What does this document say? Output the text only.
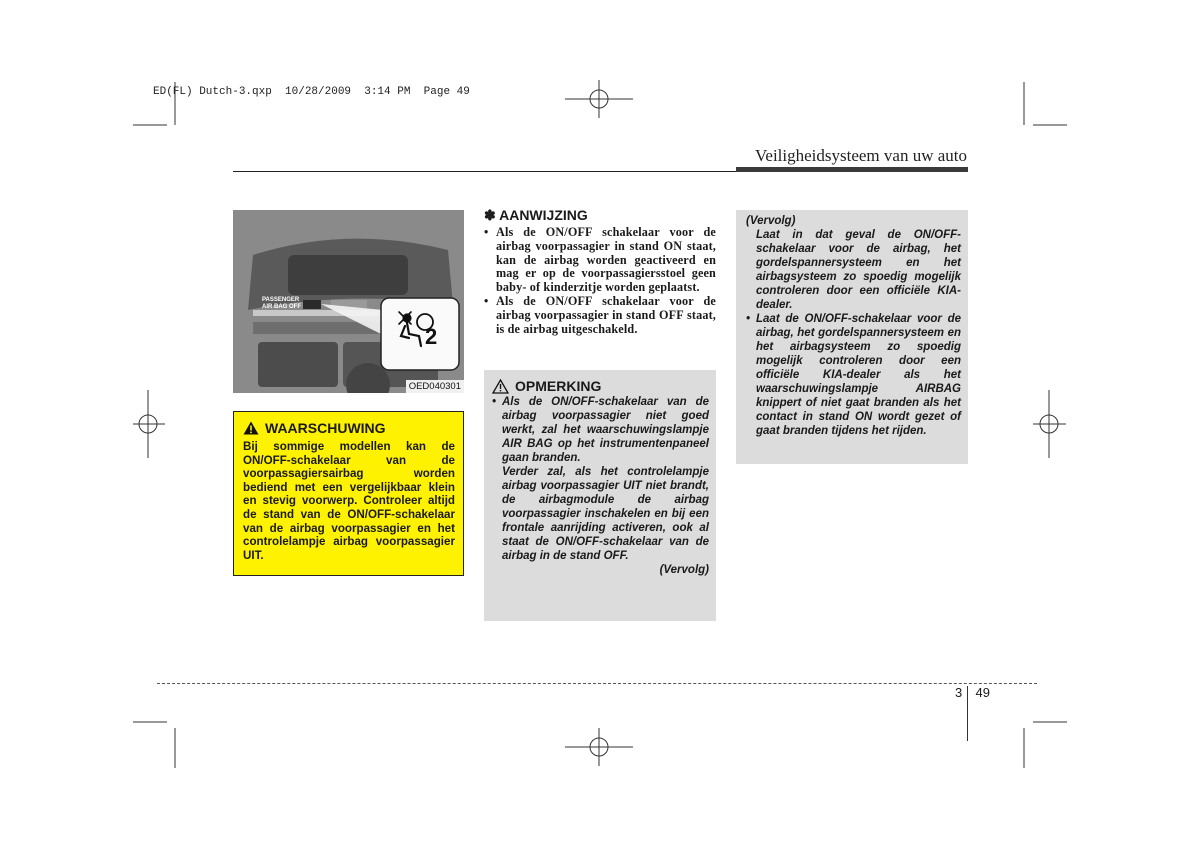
ED(FL) Dutch-3.qxp  10/28/2009  3:14 PM  Page 49
Veiligheidsysteem van uw auto
PASSENGER
AIR BAG OFF
2
OED040301
WAARSCHUWING
Bij sommige modellen kan de ON/OFF-schakelaar van de voorpassagiersairbag worden bediend met een vergelijkbaar klein en stevig voorwerp. Controleer altijd de stand van de ON/OFF-schakelaar van de airbag voorpassagier en het controlelampje airbag voorpassagier UIT.
✽ AANWIJZING
• Als de ON/OFF schakelaar voor de airbag voorpassagier in stand ON staat, kan de airbag worden geactiveerd en mag er op de voorpassagiersstoel geen baby- of kinderzitje worden geplaatst.
• Als de ON/OFF schakelaar voor de airbag voorpassagier in stand OFF staat, is de airbag uitgeschakeld.
OPMERKING
• Als de ON/OFF-schakelaar van de airbag voorpassagier niet goed werkt, zal het waarschuwingslampje AIR BAG op het instrumentenpaneel gaan branden.
Verder zal, als het controlelampje airbag voorpassagier UIT niet brandt, de airbagmodule de airbag voorpassagier inschakelen en bij een frontale aanrijding activeren, ook al staat de ON/OFF-schakelaar van de airbag in de stand OFF.
(Vervolg)
(Vervolg)
Laat in dat geval de ON/OFF-schakelaar voor de airbag, het gordelspannersysteem en het airbagsysteem zo spoedig mogelijk controleren door een officiële KIA-dealer.
• Laat de ON/OFF-schakelaar voor de airbag, het gordelspannersysteem en het airbagsysteem zo spoedig mogelijk controleren door een officiële KIA-dealer als het waarschuwingslampje AIRBAG knippert of niet gaat branden als het contact in stand ON wordt gezet of gaat branden tijdens het rijden.
3 49
